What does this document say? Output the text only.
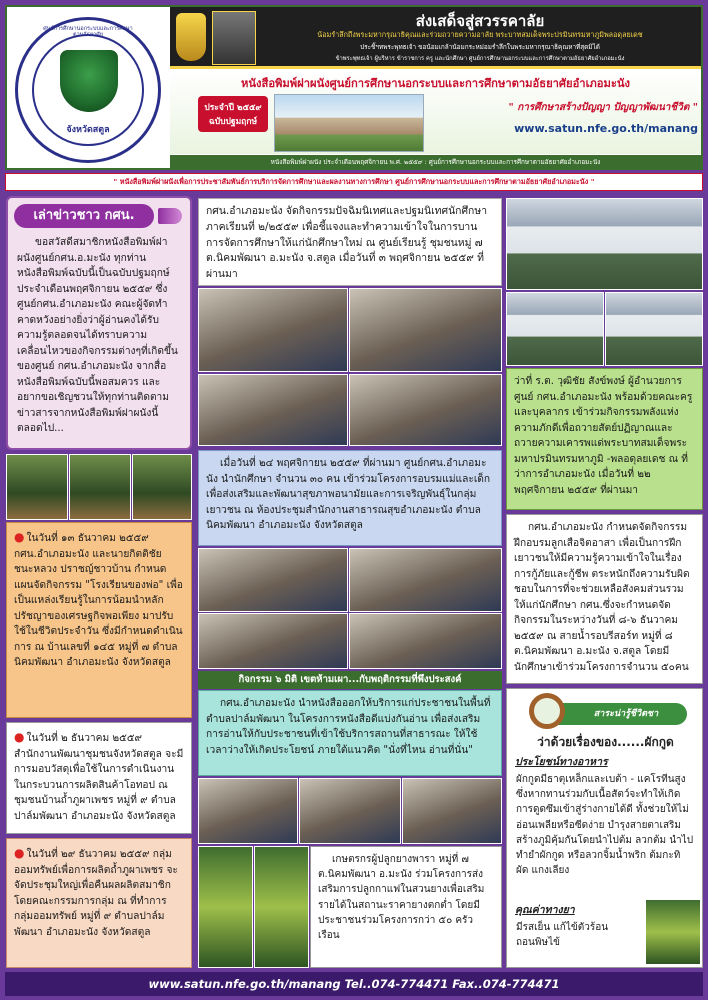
จังหวัดสตูล
ศูนย์การศึกษานอกระบบและการศึกษาตามอัธยาศัย
ส่งเสด็จสู่สวรรคาลัย
น้อมรำลึกถึงพระมหากรุณาธิคุณและร่วมถวายความอาลัย พระบาทสมเด็จพระปรมินทรมหาภูมิพลอดุลยเดช
ประชิ้ฯทพระพุทธเจ้า ขอน้อมเกล้าน้อมกระหม่อมรำลึกในพระมหากรุณาธิคุณหาที่สุดมิได้
ข้าพระพุทธเจ้า ผู้บริหาร ข้าราชการ ครู และนักศึกษา ศูนย์การศึกษานอกระบบและการศึกษาตามอัธยาศัยอำเภอมะนัง
หนังสือพิมพ์ฝาผนังศูนย์การศึกษานอกระบบและการศึกษาตามอัธยาศัยอำเภอมะนัง
ประจำปี ๒๕๕๙
ฉบับปฐมฤกษ์
" การศึกษาสร้างปัญญา ปัญญาพัฒนาชีวิต "
www.satun.nfe.go.th/manang
หนังสือพิมพ์ฝาผนัง ประจำเดือนพฤศจิกายน พ.ศ. ๒๕๕๙ : ศูนย์การศึกษานอกระบบและการศึกษาตามอัธยาศัยอำเภอมะนัง
" หนังสือพิมพ์ฝาผนังเพื่อการประชาสัมพันธ์การบริการจัดการศึกษาและผลงานทางการศึกษา ศูนย์การศึกษานอกระบบและการศึกษาตามอัธยาศัยอำเภอมะนัง "
เล่าข่าวชาว กศน.
ขอสวัสดีสมาชิกหนังสือพิมพ์ฝาผนังศูนย์กศน.อ.มะนัง ทุกท่าน หนังสือพิมพ์ฉบับนี้เป็นฉบับปฐมฤกษ์ ประจำเดือนพฤศจิกายน ๒๕๕๙ ซึ่งศูนย์กศน.อำเภอมะนัง คณะผู้จัดทำ คาดหวังอย่างยิ่งว่าผู้อ่านคงได้รับความรู้ตลอดจนได้ทราบความเคลื่อนไหวของกิจกรรมต่างๆที่เกิดขึ้นของศูนย์ กศน.อำเภอมะนัง จากสื่อหนังสือพิมพ์ฉบับนี้พอสมควร และอยากขอเชิญชวนให้ทุกท่านติดตามข่าวสารจากหนังสือพิมพ์ฝาผนังนี้ตลอดไป...
กศน.อำเภอมะนัง จัดกิจกรรมปัจฉิมนิเทศและปฐมนิเทศนักศึกษาภาคเรียนที่ ๒/๒๕๕๙ เพื่อชี้แจงและทำความเข้าใจในการบานการจัดการศึกษาให้แก่นักศึกษาใหม่ ณ ศูนย์เรียนรู้ ชุมชนหมู่ ๗ ต.นิคมพัฒนา อ.มะนัง จ.สตูล เมื่อวันที่ ๓ พฤศจิกายน ๒๕๕๙ ที่ผ่านมา
ว่าที่ ร.ต. วุฒิชัย สังข์พงษ์ ผู้อำนวยการศูนย์ กศน.อำเภอมะนัง พร้อมด้วยคณะครูและบุคลากร เข้าร่วมกิจกรรมพลังแห่งความภักดีเพื่อถวายสัตย์ปฏิญาณและถวายความเคารพแด่พระบาทสมเด็จพระมหาปรมินทรมหาภูมิ -พลอดุลยเดช ณ ที่ว่าการอำเภอมะนัง เมื่อวันที่ ๒๒ พฤศจิกายน ๒๕๕๙ ที่ผ่านมา
● ในวันที่ ๑๓ ธันวาคม ๒๕๕๙ กศน.อำเภอมะนัง และนายกิตติชัย ชนะหลวง ปราชญ์ชาวบ้าน กำหนดแผนจัดกิจกรรม "โรงเรียนของพ่อ" เพื่อเป็นแหล่งเรียนรู้ในการน้อมนำหลักปรัชญาของเศรษฐกิจพอเพียง มาปรับใช้ในชีวิตประจำวัน ซึ่งมีกำหนดดำเนินการ ณ บ้านเลขที่ ๑๔๕ หมู่ที่ ๗ ตำบลนิคมพัฒนา อำเภอมะนัง จังหวัดสตูล
เมื่อวันที่ ๒๔ พฤศจิกายน ๒๕๕๙ ที่ผ่านมา ศูนย์กศน.อำเภอมะนัง นำนักศึกษา จำนวน ๓๐ คน เข้าร่วมโครงการอบรมแม่และเด็ก เพื่อส่งเสริมและพัฒนาสุขภาพอนามัยและการเจริญพันธุ์ในกลุ่มเยาวชน ณ ห้องประชุมสำนักงานสาธารณสุขอำเภอมะนัง ตำบลนิคมพัฒนา อำเภอมะนัง จังหวัดสตูล	กศน.อำเภอมะนัง กำหนดจัดกิจกรรมฝึกอบรมลูกเสือจิตอาสา เพื่อเป็นการฝึกเยาวชนให้มีความรู้ความเข้าใจในเรื่องการกู้ภัยและกู้ชีพ ตระหนักถึงความรับผิดชอบในการที่จะช่วยเหลือสังคมส่วนรวม ให้แก่นักศึกษา กศน.ซึ่งจะกำหนดจัดกิจกรรมในระหว่างวันที่ ๘-๖ ธันวาคม ๒๕๕๙ ณ สายน้ำรอบรีสอร์ท หมู่ที่ ๘ ต.นิคมพัฒนา อ.มะนัง จ.สตูล โดยมีนักศึกษาเข้าร่วมโครงการจำนวน ๕๐คน
กิจกรรม ๖ มิติ เขตห้ามเผา...กับพฤติกรรมที่พึงประสงค์
กศน.อำเภอมะนัง นำหนังสือออกให้บริการแก่ประชาชนในพื้นที่ตำบลปาล์มพัฒนา ในโครงการหนังสือดีแบ่งกันอ่าน เพื่อส่งเสริมการอ่านให้กับประชาชนที่เข้าใช้บริการสถานที่สาธารณะ ให้ใช้เวลาว่างให้เกิดประโยชน์ ภายใต้แนวคิด "นั่งที่ไหน อ่านที่นั่น"
● ในวันที่ ๒ ธันวาคม ๒๕๕๙ สำนักงานพัฒนาชุมชนจังหวัดสตูล จะมีการมอบวัสดุเพื่อใช้ในการดำเนินงานในกระบวนการผลิตสินค้าโอทอป ณ ชุมชนบ้านถ้ำภูผาเพชร หมู่ที่ ๙ ตำบล ปาล์มพัฒนา อำเภอมะนัง จังหวัดสตูล
● ในวันที่ ๒๙ ธันวาคม ๒๕๕๙ กลุ่มออมทรัพย์เพื่อการผลิตถ้ำภูผาเพชร จะจัดประชุมใหญ่เพื่อคืนผลผลิตสมาชิก โดยคณะกรรมการกลุ่ม ณ ที่ทำการกลุ่มออมทรัพย์ หมู่ที่ ๙ ตำบลปาล์มพัฒนา อำเภอมะนัง จังหวัดสตูล
เกษตรกรผู้ปลูกยางพารา หมู่ที่ ๗ ต.นิคมพัฒนา อ.มะนัง ร่วมโครงการส่งเสริมการปลูกกาแฟในสวนยางเพื่อเสริมรายได้ในสถานะราคายางตกต่ำ โดยมีประชาชนร่วมโครงการกว่า ๕๐ ครัวเรือน
สาระน่ารู้ชีวิตชา
ว่าด้วยเรื่องของ......ผักกูด
ประโยชน์ทางอาหาร
ผักกูดมีธาตุเหล็กและเบต้า - แคโรทีนสูง ซึ่งหากทานร่วมกับเนื้อสัตว์จะทำให้เกิดการดูดซึมเข้าสู่ร่างกายได้ดี ทั้งช่วยให้ไม่อ่อนเพลียหรือซีดง่าย บำรุงสายตาเสริมสร้างภูมิคุ้มกันโดยนำไปต้ม ลวกต้ม นำไปทำยำผักกูด หรือลวกจิ้มน้ำพริก ต้มกะทิ ผัด แกงเลียง
คุณค่าทางยา
มีรสเย็น แก้ไข้ตัวร้อน ถอนพิษไข้
www.satun.nfe.go.th/manang Tel..074-774471 Fax..074-774471
